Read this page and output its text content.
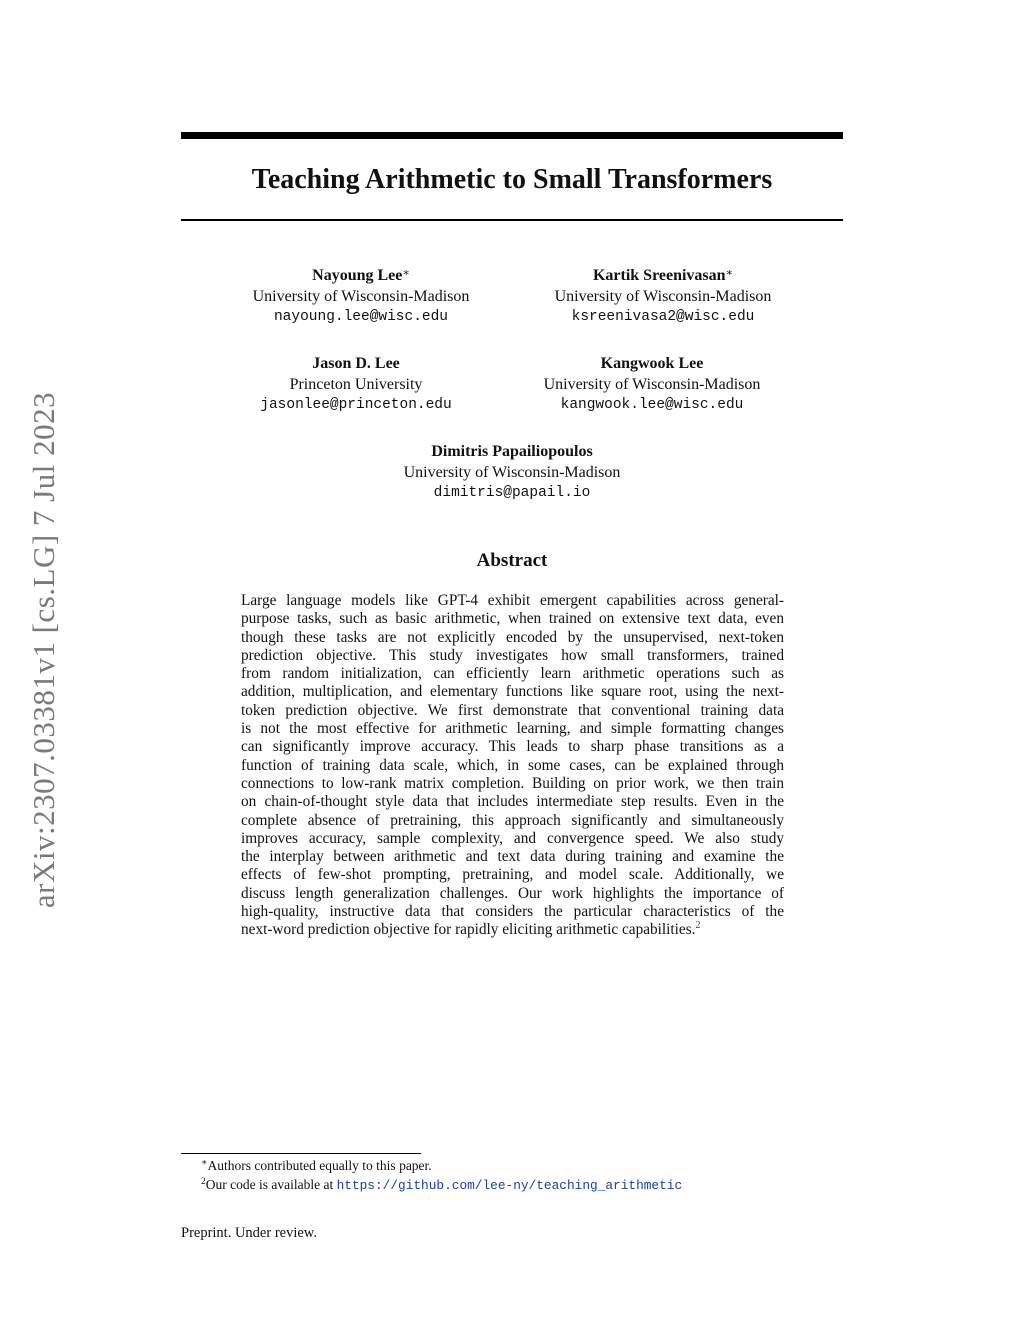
arXiv:2307.03381v1 [cs.LG] 7 Jul 2023
Teaching Arithmetic to Small Transformers
Nayoung Lee∗
University of Wisconsin-Madison
nayoung.lee@wisc.edu
Kartik Sreenivasan∗
University of Wisconsin-Madison
ksreenivasa2@wisc.edu
Jason D. Lee
Princeton University
jasonlee@princeton.edu
Kangwook Lee
University of Wisconsin-Madison
kangwook.lee@wisc.edu
Dimitris Papailiopoulos
University of Wisconsin-Madison
dimitris@papail.io
Abstract
Large language models like GPT-4 exhibit emergent capabilities across general-
purpose tasks, such as basic arithmetic, when trained on extensive text data, even
though these tasks are not explicitly encoded by the unsupervised, next-token
prediction objective. This study investigates how small transformers, trained
from random initialization, can efficiently learn arithmetic operations such as
addition, multiplication, and elementary functions like square root, using the next-
token prediction objective. We first demonstrate that conventional training data
is not the most effective for arithmetic learning, and simple formatting changes
can significantly improve accuracy. This leads to sharp phase transitions as a
function of training data scale, which, in some cases, can be explained through
connections to low-rank matrix completion. Building on prior work, we then train
on chain-of-thought style data that includes intermediate step results. Even in the
complete absence of pretraining, this approach significantly and simultaneously
improves accuracy, sample complexity, and convergence speed. We also study
the interplay between arithmetic and text data during training and examine the
effects of few-shot prompting, pretraining, and model scale. Additionally, we
discuss length generalization challenges. Our work highlights the importance of
high-quality, instructive data that considers the particular characteristics of the
next-word prediction objective for rapidly eliciting arithmetic capabilities.$^2$
∗Authors contributed equally to this paper.
$^2$Our code is available at https://github.com/lee-ny/teaching_arithmetic
Preprint. Under review.
